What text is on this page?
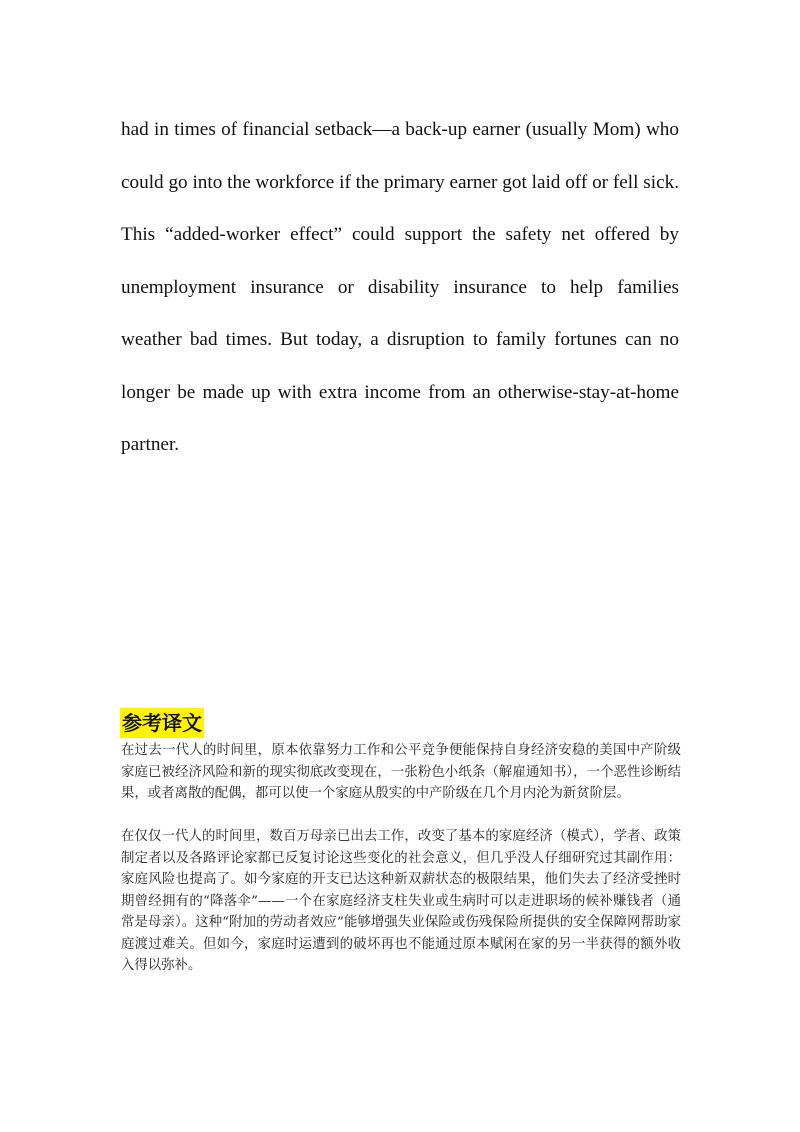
had in times of financial setback—a back-up earner (usually Mom) who could go into the workforce if the primary earner got laid off or fell sick. This “added-worker effect” could support the safety net offered by unemployment insurance or disability insurance to help families weather bad times. But today, a disruption to family fortunes can no longer be made up with extra income from an otherwise-stay-at-home partner.

参考译文

在过去一代人的时间里，原本依靠努力工作和公平竞争便能保持自身经济安稳的美国中产阶级家庭已被经济风险和新的现实彻底改变现在，一张粉色小纸条（解雇通知书），一个恶性诊断结果，或者离散的配偶，都可以使一个家庭从殷实的中产阶级在几个月内沦为新贫阶层。

在仅仅一代人的时间里，数百万母亲已出去工作，改变了基本的家庭经济（模式），学者、政策制定者以及各路评论家都已反复讨论这些变化的社会意义，但几乎没人仔细研究过其副作用：家庭风险也提高了。如今家庭的开支已达这种新双薪状态的极限结果，他们失去了经济受挫时期曾经拥有的“降落伞”——一个在家庭经济支柱失业或生病时可以走进职场的候补赚钱者（通常是母亲）。这种“附加的劳动者效应”能够增强失业保险或伤残保险所提供的安全保障网帮助家庭渡过难关。但如今，家庭时运遭到的破坏再也不能通过原本赋闲在家的另一半获得的额外收入得以弥补。
